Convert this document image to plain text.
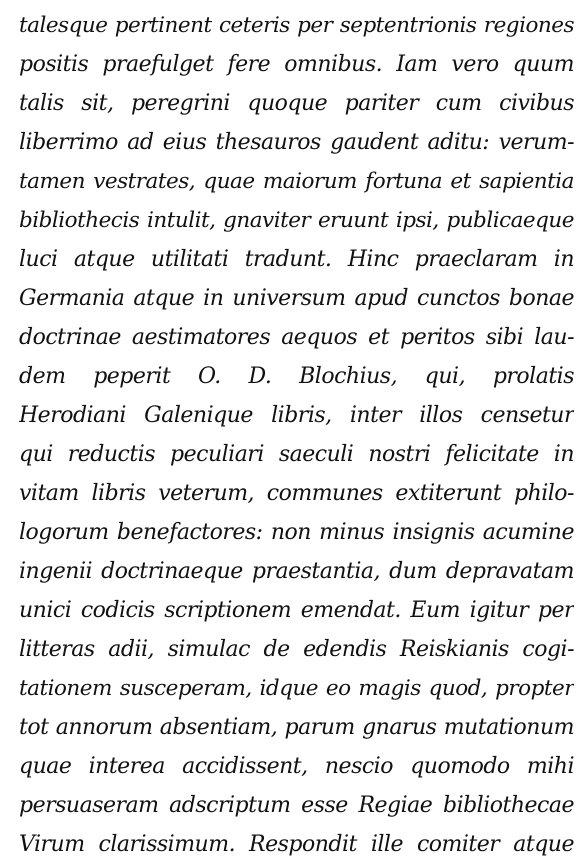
talesque pertinent ceteris per septentrionis regiones
positis praefulget fere omnibus. Iam vero quum
talis sit, peregrini quoque pariter cum civibus
liberrimo ad eius thesauros gaudent aditu: verum-
tamen vestrates, quae maiorum fortuna et sapientia
bibliothecis intulit, gnaviter eruunt ipsi, publicaeque
luci atque utilitati tradunt. Hinc praeclaram in
Germania atque in universum apud cunctos bonae
doctrinae aestimatores aequos et peritos sibi lau-
dem peperit O. D. Blochius, qui, prolatis
Herodiani Galenique libris, inter illos censetur
qui reductis peculiari saeculi nostri felicitate in
vitam libris veterum, communes extiterunt philo-
logorum benefactores: non minus insignis acumine
ingenii doctrinaeque praestantia, dum depravatam
unici codicis scriptionem emendat. Eum igitur per
litteras adii, simulac de edendis Reiskianis cogi-
tationem susceperam, idque eo magis quod, propter
tot annorum absentiam, parum gnarus mutationum
quae interea accidissent, nescio quomodo mihi
persuaseram adscriptum esse Regiae bibliothecae
Virum clarissimum. Respondit ille comiter atque
